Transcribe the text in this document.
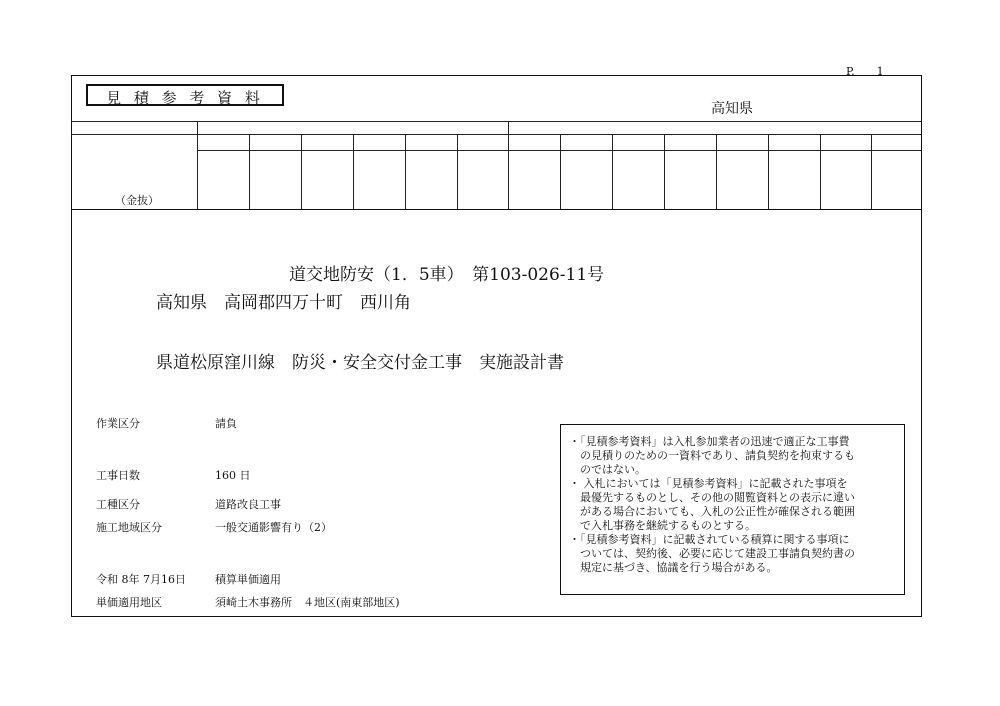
P.　　1
見 積 参 考 資 料
高知県
（金抜）
道交地防安（1．5車）　第103-026-11号
高知県　高岡郡四万十町　西川角
県道松原窪川線　防災・安全交付金工事　実施設計書
作業区分	請負
工事日数	160 日
工種区分	道路改良工事
施工地域区分	一般交通影響有り（2）
令和 8年 7月16日	積算単価適用
単価適用地区	須崎土木事務所　４地区(南東部地区)
・「見積参考資料」は入札参加業者の迅速で適正な工事費
　の見積りのための一資料であり、請負契約を拘束するも
　のではない。
・ 入札においては「見積参考資料」に記載された事項を
　最優先するものとし、その他の閲覧資料との表示に違い
　がある場合においても、入札の公正性が確保される範囲
　で入札事務を継続するものとする。
・「見積参考資料」に記載されている積算に関する事項に
　ついては、契約後、必要に応じて建設工事請負契約書の
　規定に基づき、協議を行う場合がある。
